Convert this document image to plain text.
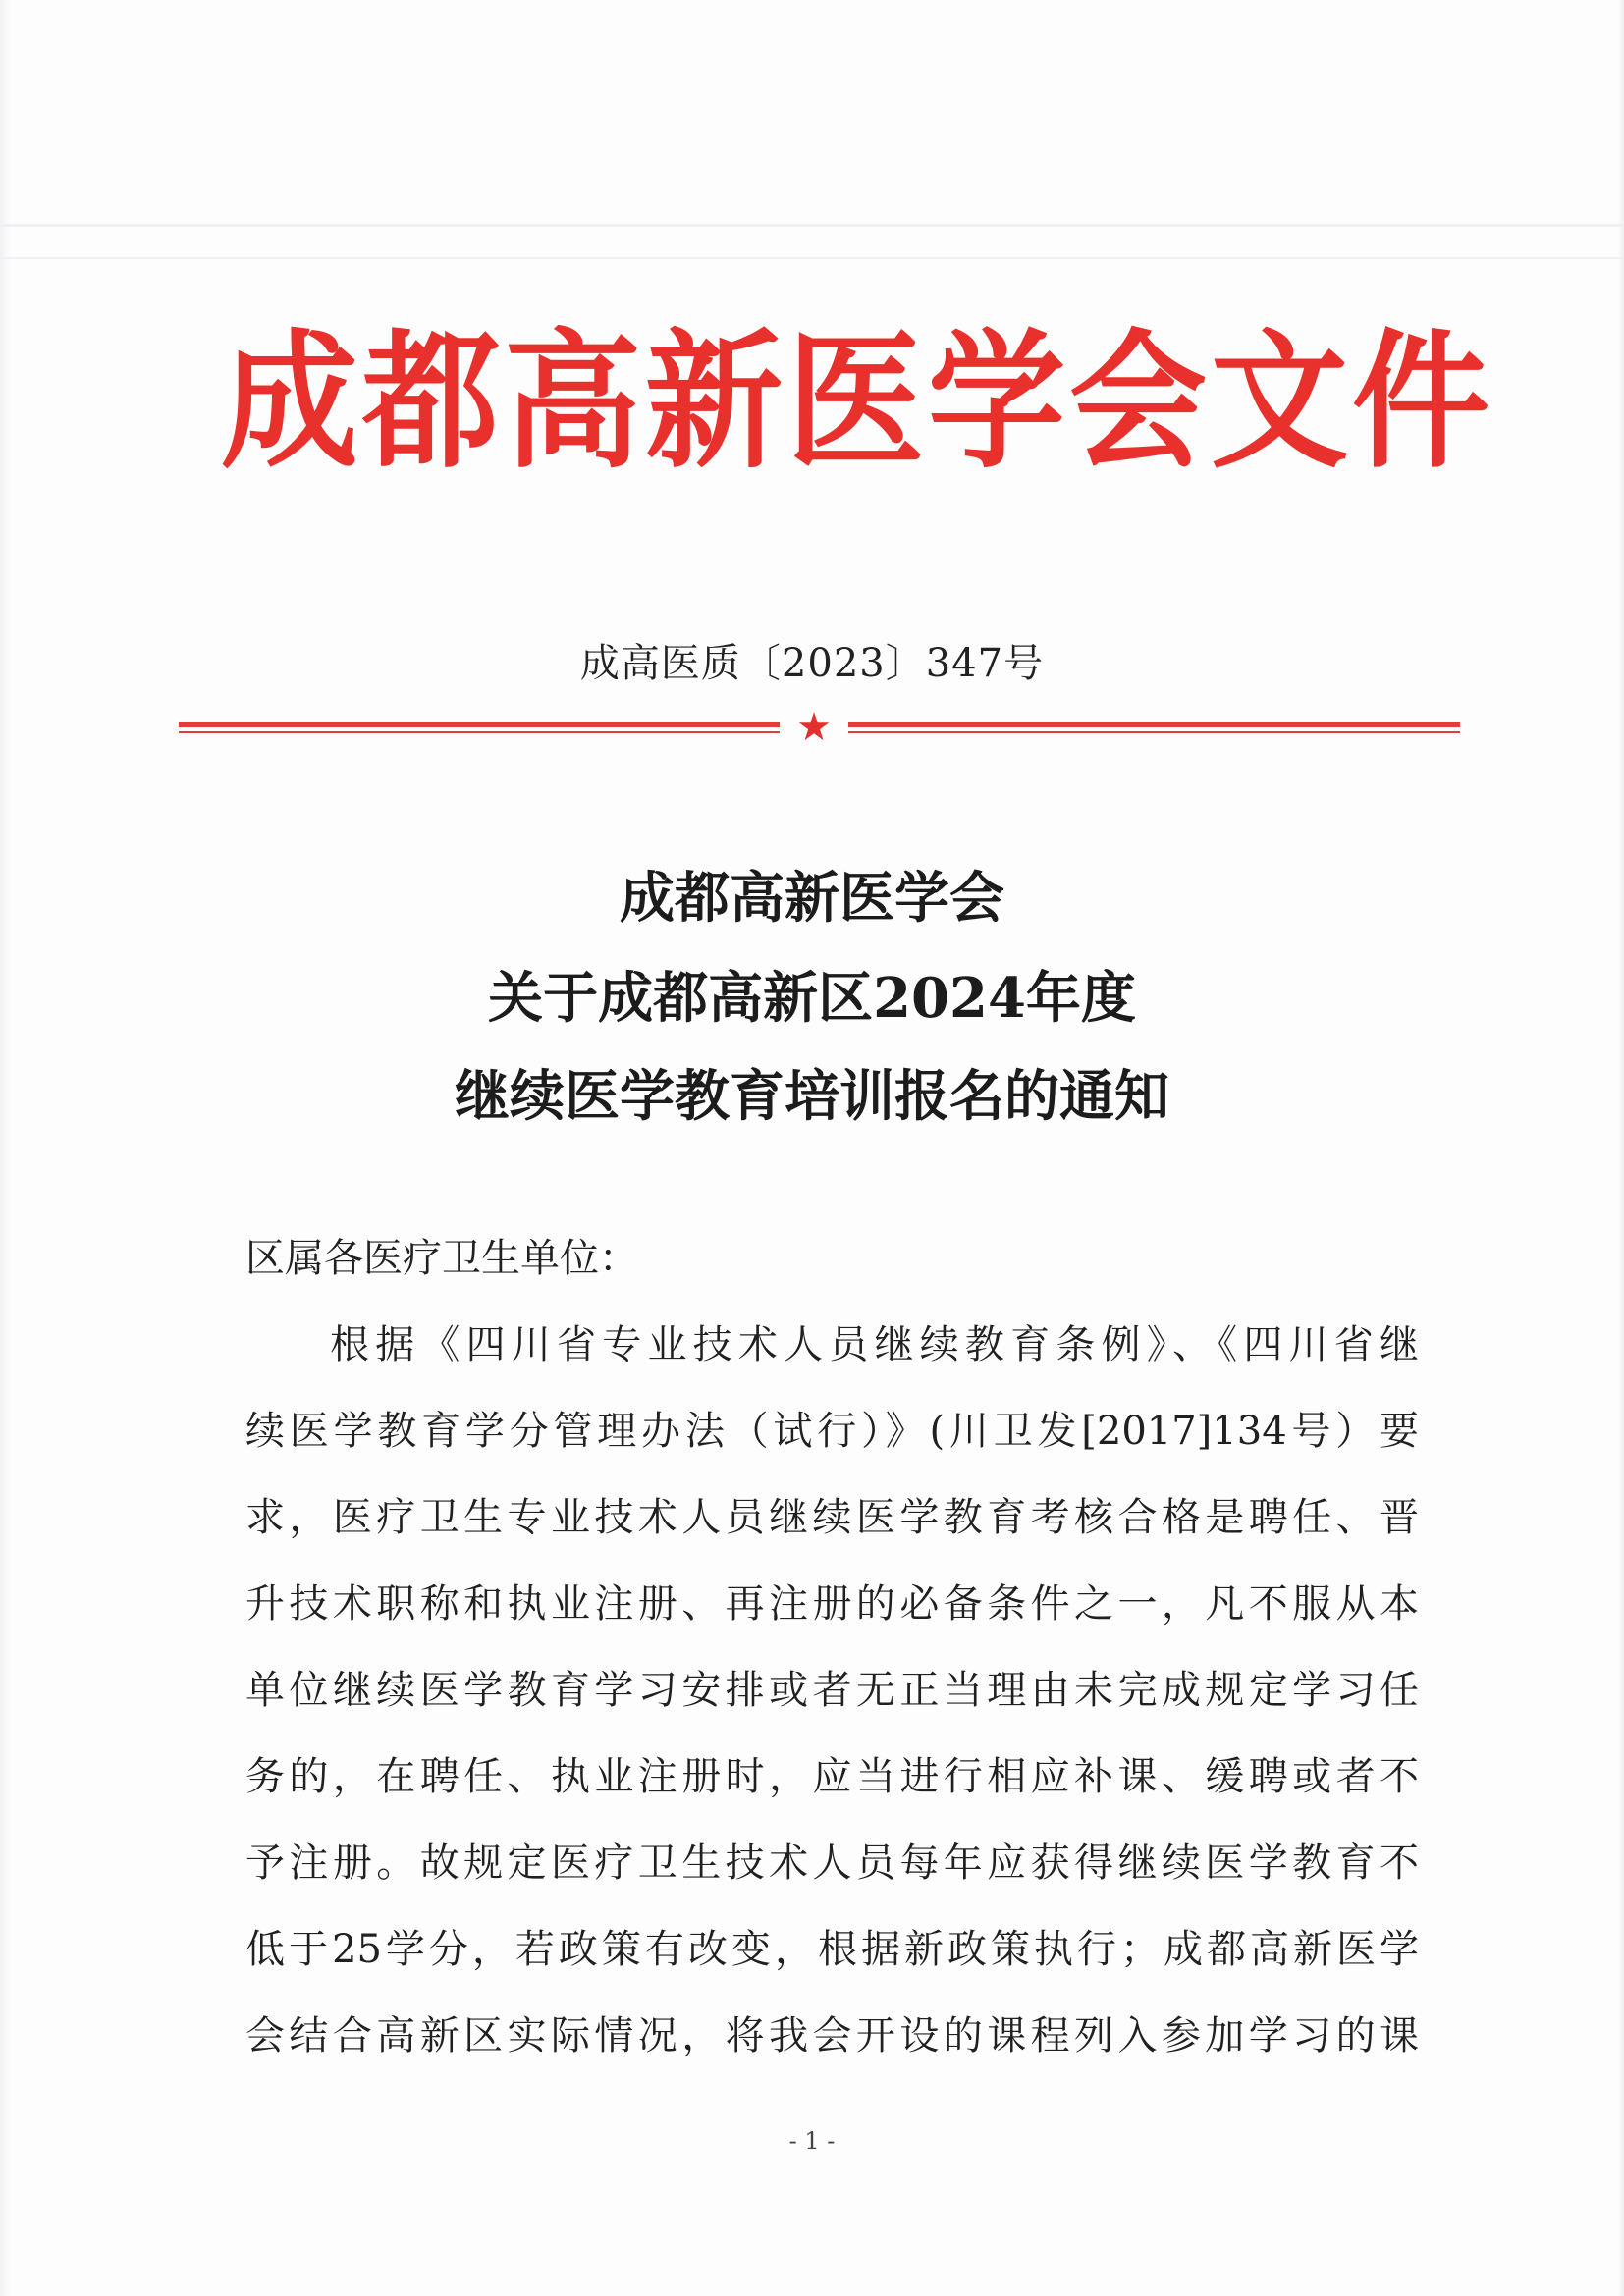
成都高新医学会文件
成高医质〔2023〕347号
★
成都高新医学会
关于成都高新区2024年度
继续医学教育培训报名的通知
区属各医疗卫生单位：
根据《四川省专业技术人员继续教育条例》、《四川省继
续医学教育学分管理办法（试行）》(川卫发[2017]134号）要
求，医疗卫生专业技术人员继续医学教育考核合格是聘任、晋
升技术职称和执业注册、再注册的必备条件之一，凡不服从本
单位继续医学教育学习安排或者无正当理由未完成规定学习任
务的，在聘任、执业注册时，应当进行相应补课、缓聘或者不
予注册。故规定医疗卫生技术人员每年应获得继续医学教育不
低于25学分，若政策有改变，根据新政策执行；成都高新医学
会结合高新区实际情况，将我会开设的课程列入参加学习的课
- 1 -
